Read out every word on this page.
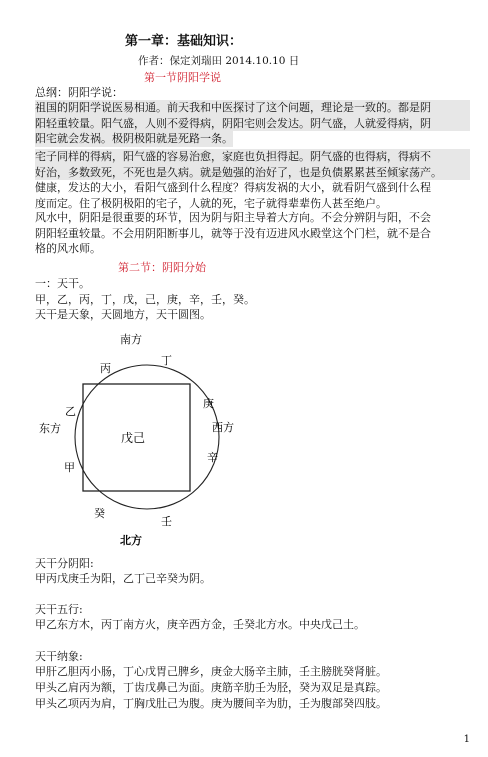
第一章：基础知识：
作者：保定刘瑞田 2014.10.10 日
第一节阴阳学说
总纲：阴阳学说：
祖国的阴阳学说医易相通。前天我和中医探讨了这个问题，理论是一致的。都是阴
阳轻重较量。阳气盛，人则不爱得病，阴阳宅则会发达。阴气盛，人就爱得病，阴
阳宅就会发祸。极阴极阳就是死路一条。
宅子同样的得病，阳气盛的容易治愈，家庭也负担得起。阴气盛的也得病，得病不
好治，多数致死，不死也是久病。就是勉强的治好了，也是负债累累甚至倾家荡产。
健康，发达的大小，看阳气盛到什么程度？得病发祸的大小，就看阴气盛到什么程
度而定。住了极阴极阳的宅子，人就的死，宅子就得辈辈伤人甚至绝户。
风水中，阴阳是很重要的环节，因为阴与阳主导着大方向。不会分辨阴与阳，不会
阴阳轻重较量。不会用阴阳断事儿，就等于没有迈进风水殿堂这个门栏，就不是合
格的风水师。
第二节：阴阳分始
一：天干。
甲，乙，丙，丁，戊，己，庚，辛，壬，癸。
天干是天象，天圆地方，天干圆图。
南方
北方
东方	西方
戊己
丙
丁
庚
辛
乙
甲
癸
壬
天干分阴阳:
甲丙戊庚壬为阳，乙丁己辛癸为阴。
天干五行:
甲乙东方木，丙丁南方火，庚辛西方金，壬癸北方水。中央戊己土。
天干纳象:
甲肝乙胆丙小肠，丁心戊胃己脾乡，庚金大肠辛主肺，壬主膀胱癸肾脏。
甲头乙肩丙为额，丁齿戊鼻己为面。庚筋辛肋壬为胫，癸为双足是真踪。
甲头乙项丙为肩，丁胸戊肚己为腹。庚为腰间辛为肋，壬为腹部癸四肢。
1
